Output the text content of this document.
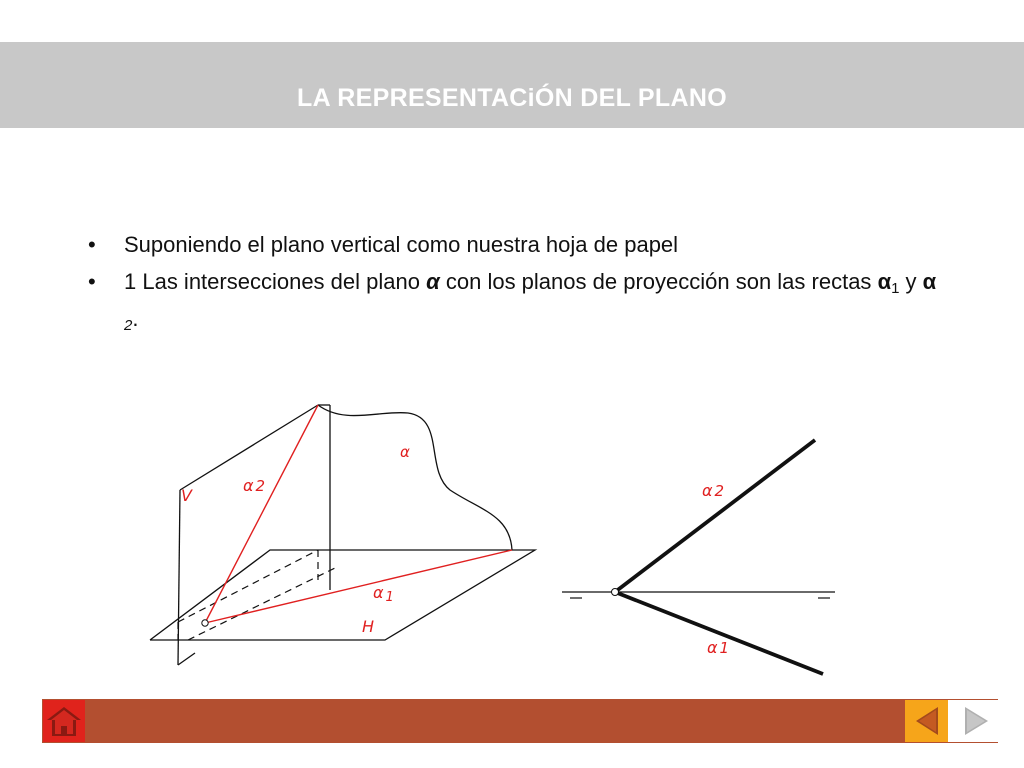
LA REPRESENTACiÓN DEL PLANO
• Suponiendo el plano vertical como nuestra hoja de papel
• 1 Las intersecciones del plano α con los planos de proyección son las rectas $\alpha_1$ y α $_2$.
V
H
α
α 2
α 1
α 2
α 1
